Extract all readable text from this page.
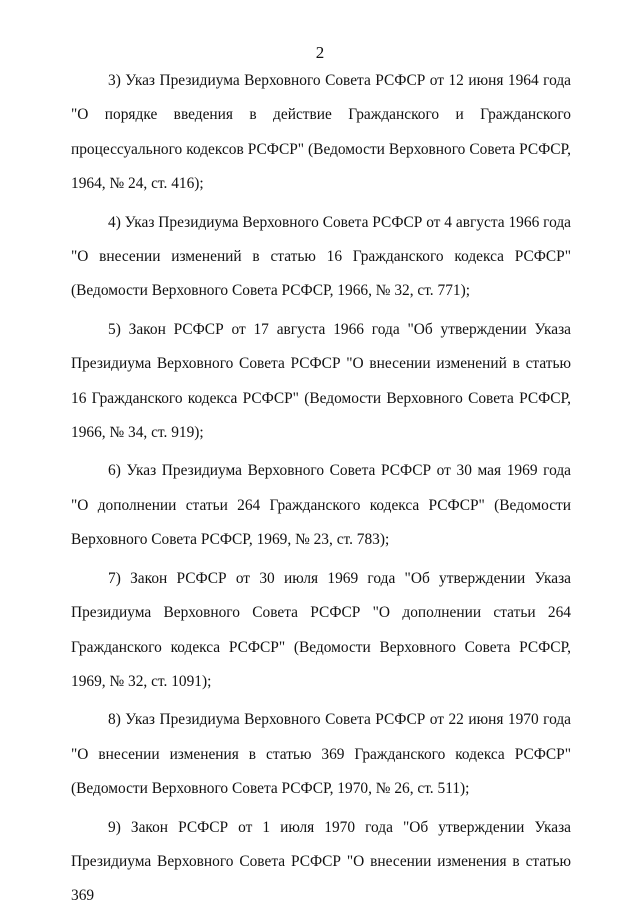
2

3) Указ Президиума Верховного Совета РСФСР от 12 июня 1964 года "О порядке введения в действие Гражданского и Гражданского процессуального кодексов РСФСР" (Ведомости Верховного Совета РСФСР, 1964, № 24, ст. 416);

4) Указ Президиума Верховного Совета РСФСР от 4 августа 1966 года "О внесении изменений в статью 16 Гражданского кодекса РСФСР" (Ведомости Верховного Совета РСФСР, 1966, № 32, ст. 771);

5) Закон РСФСР от 17 августа 1966 года "Об утверждении Указа Президиума Верховного Совета РСФСР "О внесении изменений в статью 16 Гражданского кодекса РСФСР" (Ведомости Верховного Совета РСФСР, 1966, № 34, ст. 919);

6) Указ Президиума Верховного Совета РСФСР от 30 мая 1969 года "О дополнении статьи 264 Гражданского кодекса РСФСР" (Ведомости Верховного Совета РСФСР, 1969, № 23, ст. 783);

7) Закон РСФСР от 30 июля 1969 года "Об утверждении Указа Президиума Верховного Совета РСФСР "О дополнении статьи 264 Гражданского кодекса РСФСР" (Ведомости Верховного Совета РСФСР, 1969, № 32, ст. 1091);

8) Указ Президиума Верховного Совета РСФСР от 22 июня 1970 года "О внесении изменения в статью 369 Гражданского кодекса РСФСР" (Ведомости Верховного Совета РСФСР, 1970, № 26, ст. 511);

9) Закон РСФСР от 1 июля 1970 года "Об утверждении Указа Президиума Верховного Совета РСФСР "О внесении изменения в статью 369
